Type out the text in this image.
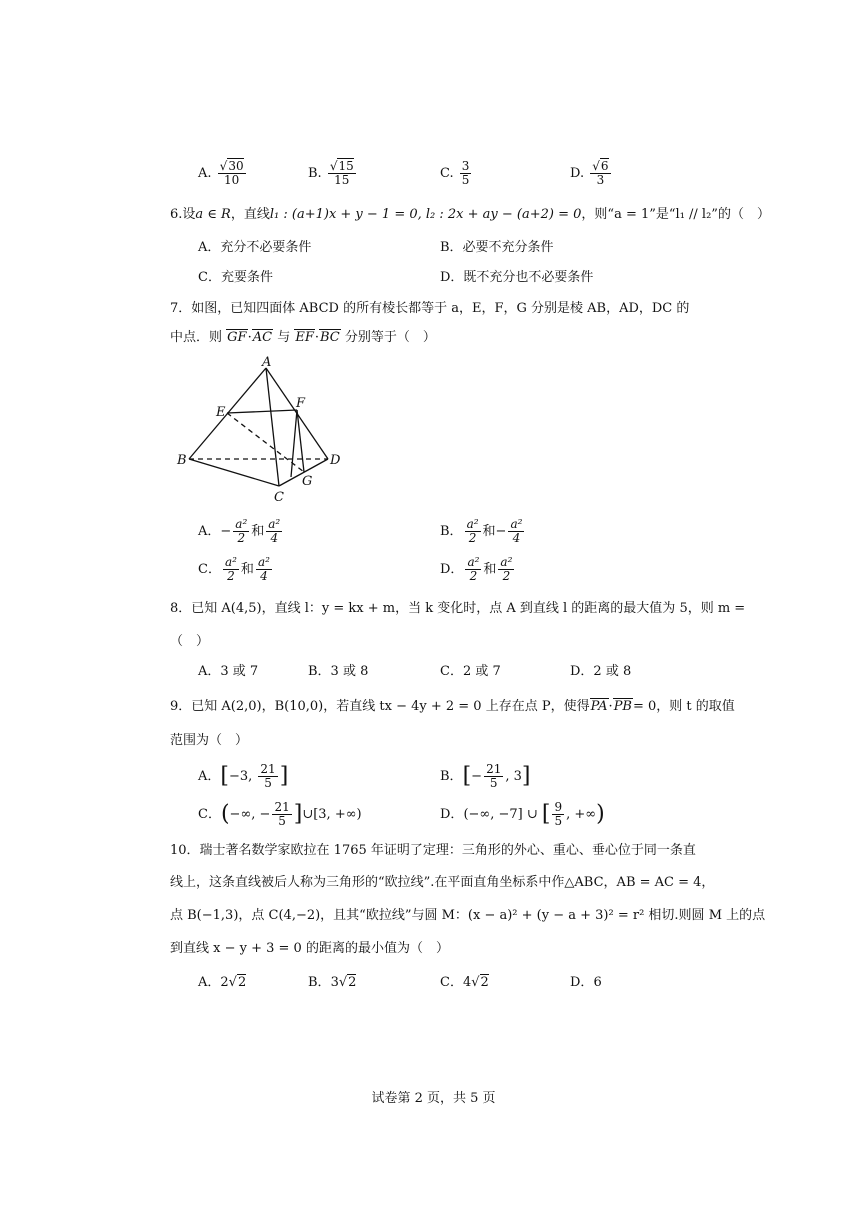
A. $\frac{√30}{10}$	B. $\frac{√15}{15}$	C. $\frac{3}{5}$	D. $\frac{√6}{3}$
6.设a ∈ R，直线l₁ : (a+1)x + y − 1 = 0, l₂ : 2x + ay − (a+2) = 0，则“a = 1”是“l₁ // l₂”的（　）
A．充分不必要条件	B．必要不充分条件
C．充要条件	D．既不充分也不必要条件
7．如图，已知四面体 ABCD 的所有棱长都等于 a，E，F，G 分别是棱 AB，AD，DC 的
中点．则 GF·AC 与 EF·BC 分别等于（　）
A
B
C
D
E
F
G
A．− $\frac{\text{a²}}{2}$ 和 $\frac{\text{a²}}{4}$	B． $\frac{\text{a²}}{2}$ 和− $\frac{\text{a²}}{4}$
C． $\frac{\text{a²}}{2}$ 和 $\frac{\text{a²}}{4}$	D． $\frac{\text{a²}}{2}$ 和 $\frac{\text{a²}}{2}$
8．已知 A(4,5)，直线 l：y = kx + m，当 k 变化时，点 A 到直线 l 的距离的最大值为 5，则 m =
（　）
A．3 或 7	B．3 或 8	C．2 或 7	D．2 或 8
9．已知 A(2,0)，B(10,0)，若直线 tx − 4y + 2 = 0 上存在点 P，使得PA·PB= 0，则 t 的取值
范围为（　）
A．[−3, $\frac{21}{5}$ ]	B．[− $\frac{21}{5}$ , 3]
C．(−∞, − $\frac{21}{5}$ ]∪[3, +∞)	D．(−∞, −7] ∪ [ $\frac{9}{5}$ , +∞)
10．瑞士著名数学家欧拉在 1765 年证明了定理：三角形的外心、重心、垂心位于同一条直
线上，这条直线被后人称为三角形的“欧拉线”.在平面直角坐标系中作△ABC，AB = AC = 4，
点 B(−1,3)，点 C(4,−2)，且其“欧拉线”与圆 M：(x − a)² + (y − a + 3)² = r² 相切.则圆 M 上的点
到直线 x − y + 3 = 0 的距离的最小值为（　）
A．2√2	B．3√2	C．4√2	D．6
试卷第 2 页，共 5 页
